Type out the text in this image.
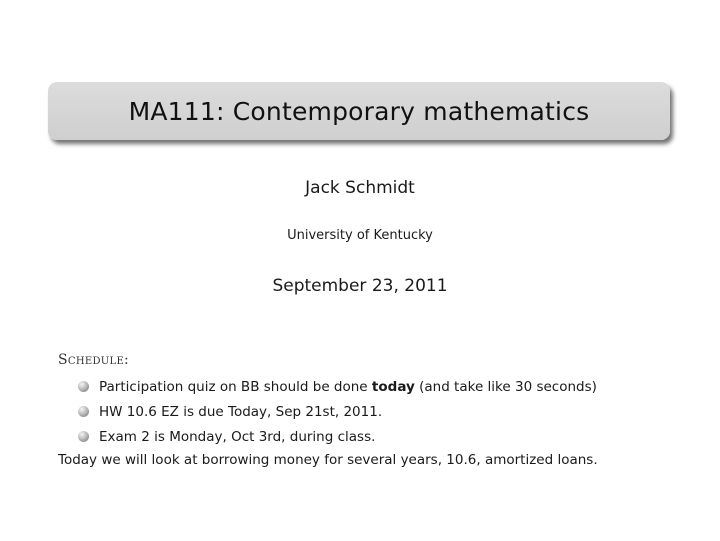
MA111: Contemporary mathematics
Jack Schmidt
University of Kentucky
September 23, 2011
Schedule:
Participation quiz on BB should be done today (and take like 30 seconds)
HW 10.6 EZ is due Today, Sep 21st, 2011.
Exam 2 is Monday, Oct 3rd, during class.
Today we will look at borrowing money for several years, 10.6, amortized loans.
